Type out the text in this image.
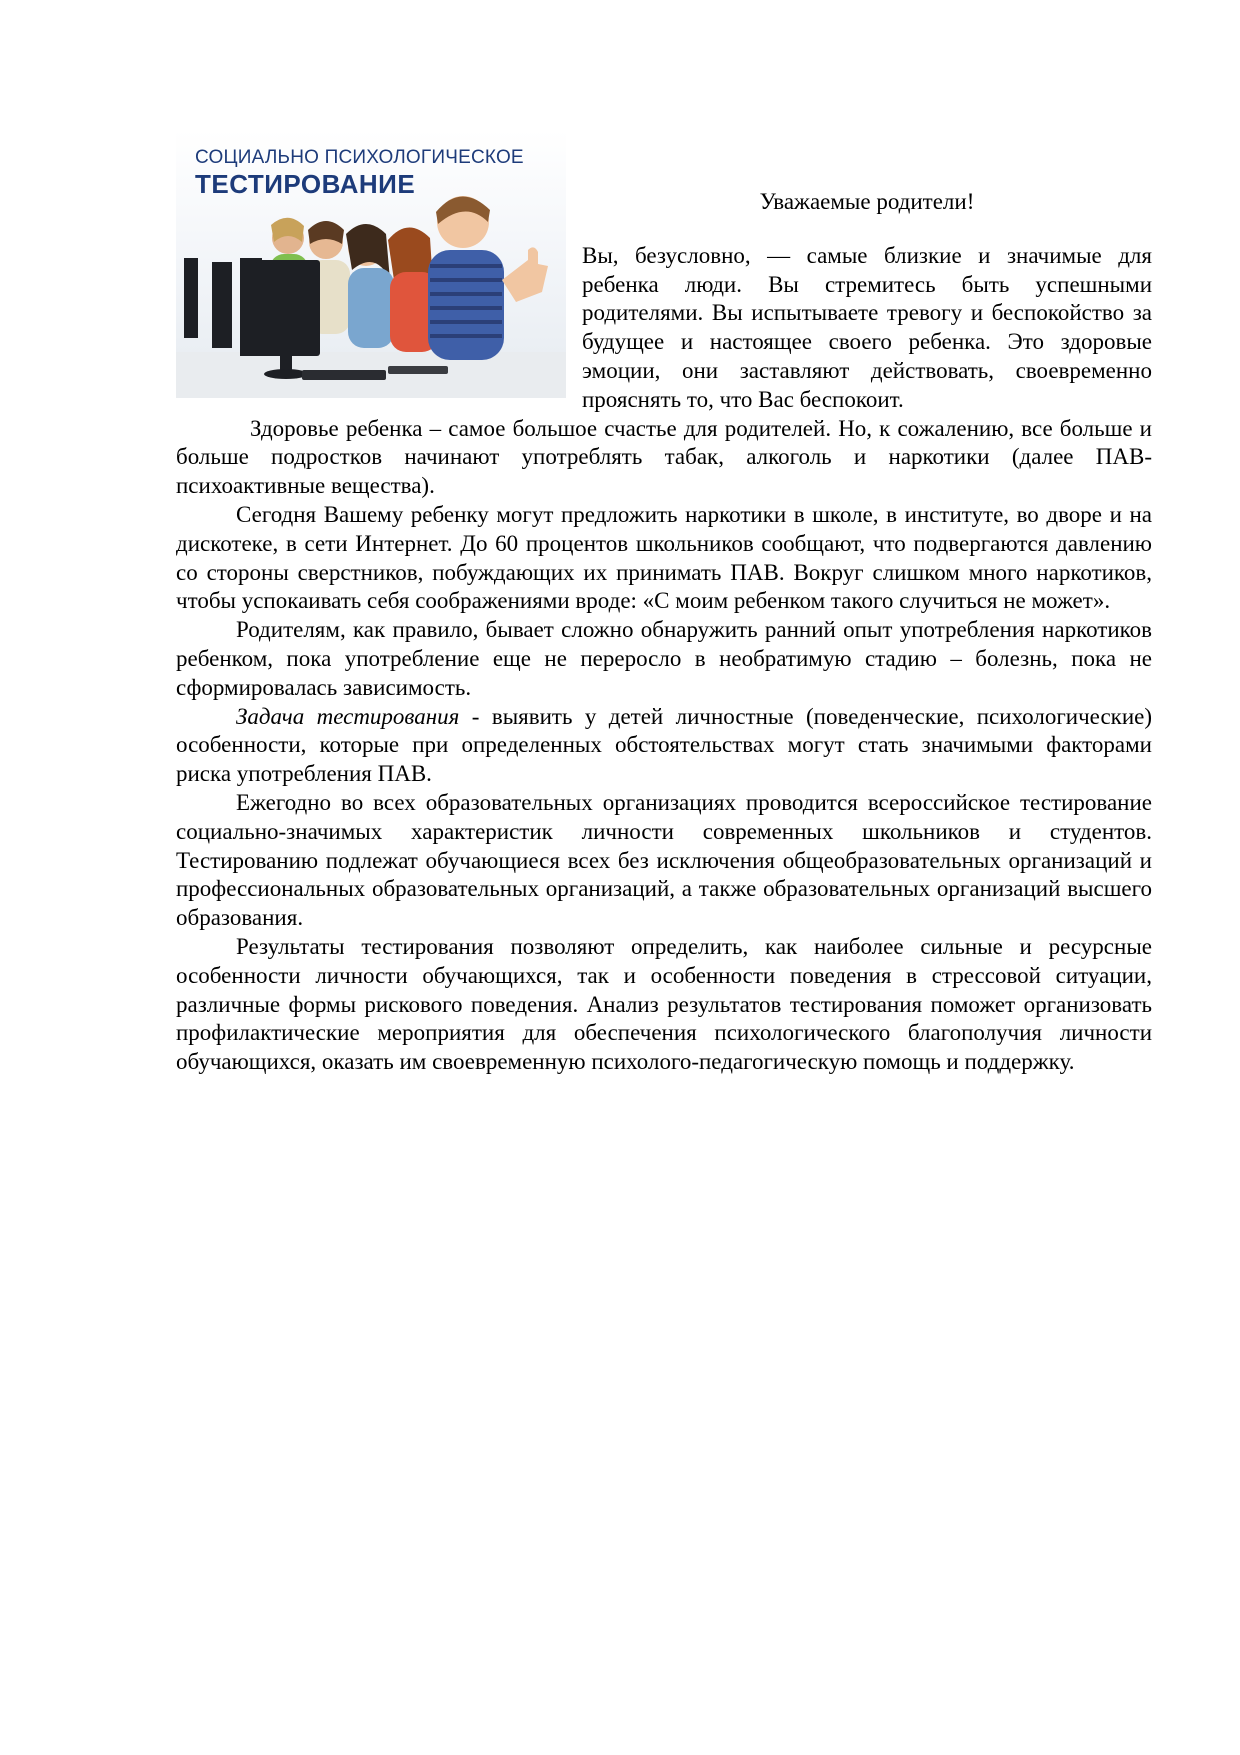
СОЦИАЛЬНО ПСИХОЛОГИЧЕСКОЕ
ТЕСТИРОВАНИЕ
Уважаемые родители!

Вы, безусловно, — самые близкие и значимые для ребенка люди. Вы стремитесь быть успешными родителями. Вы испытываете тревогу и беспокойство за будущее и настоящее своего ребенка. Это здоровые эмоции, они заставляют действовать, своевременно прояснять то, что Вас беспокоит.

Здоровье ребенка – самое большое счастье для родителей. Но, к сожалению, все больше и больше подростков начинают употреблять табак, алкоголь и наркотики (далее ПАВ-психоактивные вещества).

Сегодня Вашему ребенку могут предложить наркотики в школе, в институте, во дворе и на дискотеке, в сети Интернет. До 60 процентов школьников сообщают, что подвергаются давлению со стороны сверстников, побуждающих их принимать ПАВ. Вокруг слишком много наркотиков, чтобы успокаивать себя соображениями вроде: «С моим ребенком такого случиться не может».

Родителям, как правило, бывает сложно обнаружить ранний опыт употребления наркотиков ребенком, пока употребление еще не переросло в необратимую стадию – болезнь, пока не сформировалась зависимость.

Задача тестирования - выявить у детей личностные (поведенческие, психологические) особенности, которые при определенных обстоятельствах могут стать значимыми факторами риска употребления ПАВ.

Ежегодно во всех образовательных организациях проводится всероссийское тестирование социально-значимых характеристик личности современных школьников и студентов. Тестированию подлежат обучающиеся всех без исключения общеобразовательных организаций и профессиональных образовательных организаций, а также образовательных организаций высшего образования.

Результаты тестирования позволяют определить, как наиболее сильные и ресурсные особенности личности обучающихся, так и особенности поведения в стрессовой ситуации, различные формы рискового поведения. Анализ результатов тестирования поможет организовать профилактические мероприятия для обеспечения психологического благополучия личности обучающихся, оказать им своевременную психолого-педагогическую помощь и поддержку.
